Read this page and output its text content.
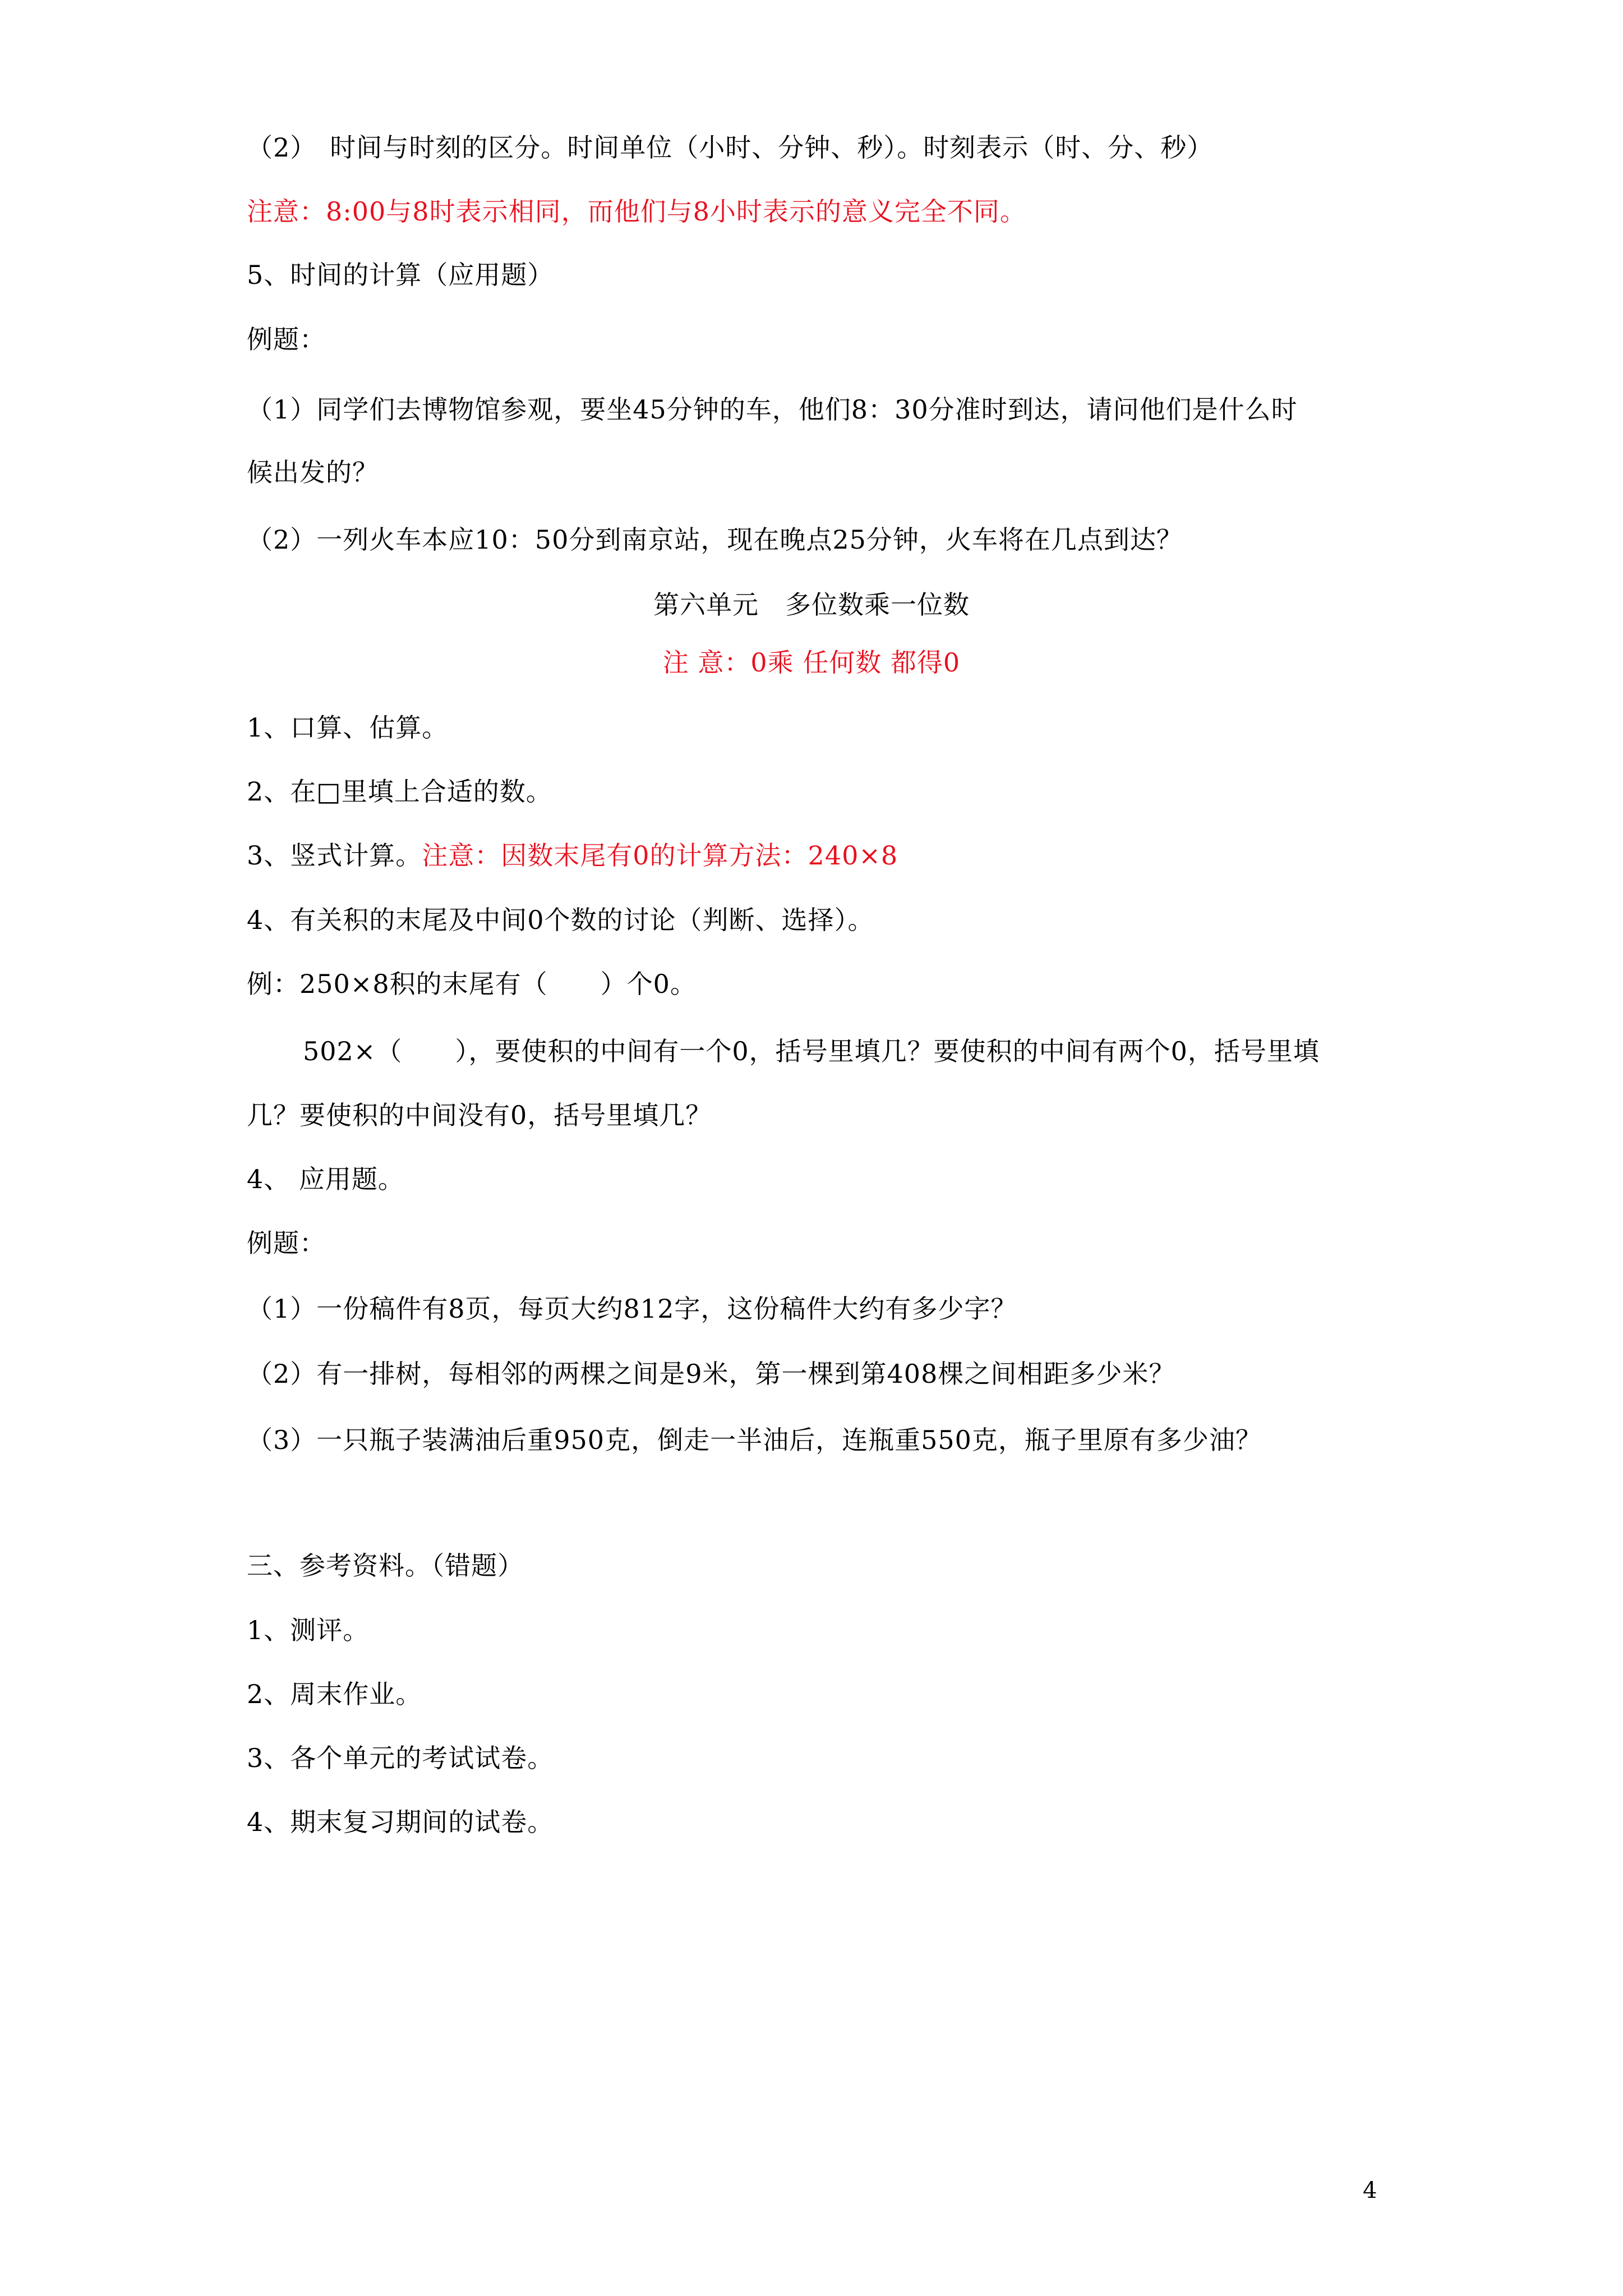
（2）　时间与时刻的区分。时间单位（小时、分钟、秒）。时刻表示（时、分、秒）
注意：8:00与8时表示相同，而他们与8小时表示的意义完全不同。
5、时间的计算（应用题）
例题：
（1）同学们去博物馆参观，要坐45分钟的车，他们8：30分准时到达，请问他们是什么时
候出发的？
（2）一列火车本应10：50分到南京站，现在晚点25分钟，火车将在几点到达？
第六单元　多位数乘一位数
注 意：0乘 任何数 都得0
1、口算、估算。
2、在□里填上合适的数。
3、竖式计算。注意：因数末尾有0的计算方法：240×8
4、有关积的末尾及中间0个数的讨论（判断、选择）。
例：250×8积的末尾有（　　）个0。
502×（　　），要使积的中间有一个0，括号里填几？要使积的中间有两个0，括号里填
几？要使积的中间没有0，括号里填几？
4、 应用题。
例题：
（1）一份稿件有8页，每页大约812字，这份稿件大约有多少字？
（2）有一排树，每相邻的两棵之间是9米，第一棵到第408棵之间相距多少米？
（3）一只瓶子装满油后重950克，倒走一半油后，连瓶重550克，瓶子里原有多少油？
三、参考资料。（错题）
1、测评。
2、周末作业。
3、各个单元的考试试卷。
4、期末复习期间的试卷。
4
